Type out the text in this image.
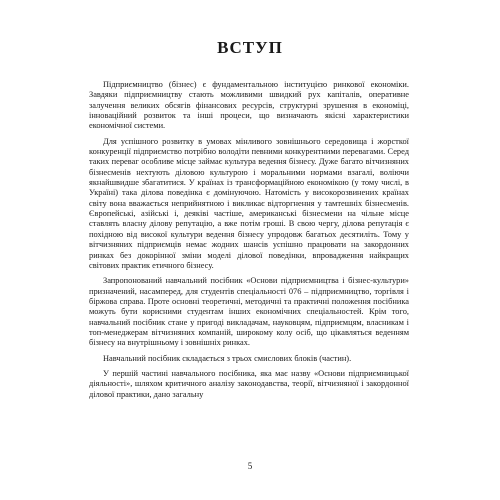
ВСТУП

Підприємництво (бізнес) є фундаментальною інституцією ринкової економіки. Завдяки підприємництву стають можливими швидкий рух капіталів, оперативне залучення великих обсягів фінансових ресурсів, структурні зрушення в економіці, інноваційний розвиток та інші процеси, що визначають якісні характеристики економічної системи.

Для успішного розвитку в умовах мінливого зовнішнього середовища і жорсткої конкуренції підприємство потрібно володіти певними конкурентними перевагами. Серед таких переваг особливе місце займає культура ведення бізнесу. Дуже багато вітчизняних бізнесменів нехтують діловою культурою і моральними нормами взагалі, воліючи якнайшвидше збагатитися. У країнах із трансформаційною економікою (у тому числі, в Україні) така ділова поведінка є домінуючою. Натомість у високорозвинених країнах світу вона вважається неприйнятною і викликає відторгнення у тамтешніх бізнесменів. Європейські, азійські і, деяківі частіше, американські бізнесмени на чільне місце ставлять власну ділову репутацію, а вже потім гроші. В свою чергу, ділова репутація є похідною від високої культури ведення бізнесу упродовж багатьох десятиліть. Тому у вітчизняних підприємців немає жодних шансів успішно працювати на закордонних ринках без докорінної зміни моделі ділової поведінки, впровадження найкращих світових практик етичного бізнесу.

Запропонований навчальний посібник «Основи підприємництва і бізнес-культури» призначений, насамперед, для студентів спеціальності 076 – підприємництво, торгівля і біржова справа. Проте основні теоретичні, методичні та практичні положення посібника можуть бути корисними студентам інших економічних спеціальностей. Крім того, навчальний посібник стане у пригоді викладачам, науковцям, підприємцям, власникам і топ-менеджерам вітчизняних компаній, широкому колу осіб, що цікавляться веденням бізнесу на внутрішньому і зовнішніх ринках.

Навчальний посібник складається з трьох смислових блоків (частин).

У першій частині навчального посібника, яка має назву «Основи підприємницької діяльності», шляхом критичного аналізу законодавства, теорії, вітчизняної і закордонної ділової практики, дано загальну

5
